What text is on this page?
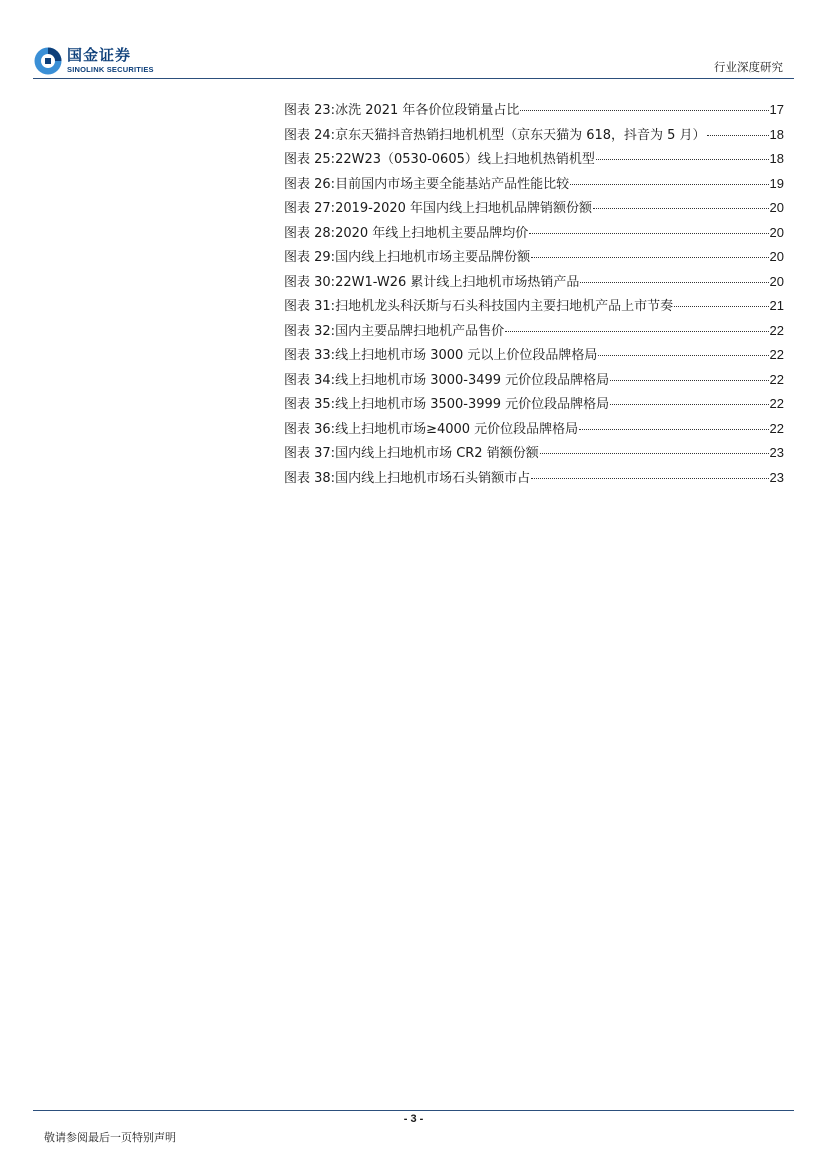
国金证券
SINOLINK SECURITIES	行业深度研究
图表 23: 冰洗 2021 年各价位段销量占比	17
图表 24: 京东天猫抖音热销扫地机机型（京东天猫为 618，抖音为 5 月）	18
图表 25: 22W23（0530-0605）线上扫地机热销机型	18
图表 26: 目前国内市场主要全能基站产品性能比较	19
图表 27: 2019-2020 年国内线上扫地机品牌销额份额	20
图表 28: 2020 年线上扫地机主要品牌均价	20
图表 29: 国内线上扫地机市场主要品牌份额	20
图表 30: 22W1-W26 累计线上扫地机市场热销产品	20
图表 31: 扫地机龙头科沃斯与石头科技国内主要扫地机产品上市节奏	21
图表 32: 国内主要品牌扫地机产品售价	22
图表 33: 线上扫地机市场 3000 元以上价位段品牌格局	22
图表 34: 线上扫地机市场 3000-3499 元价位段品牌格局	22
图表 35: 线上扫地机市场 3500-3999 元价位段品牌格局	22
图表 36: 线上扫地机市场≥4000 元价位段品牌格局	22
图表 37: 国内线上扫地机市场 CR2 销额份额	23
图表 38: 国内线上扫地机市场石头销额市占	23
- 3 -
敬请参阅最后一页特别声明
